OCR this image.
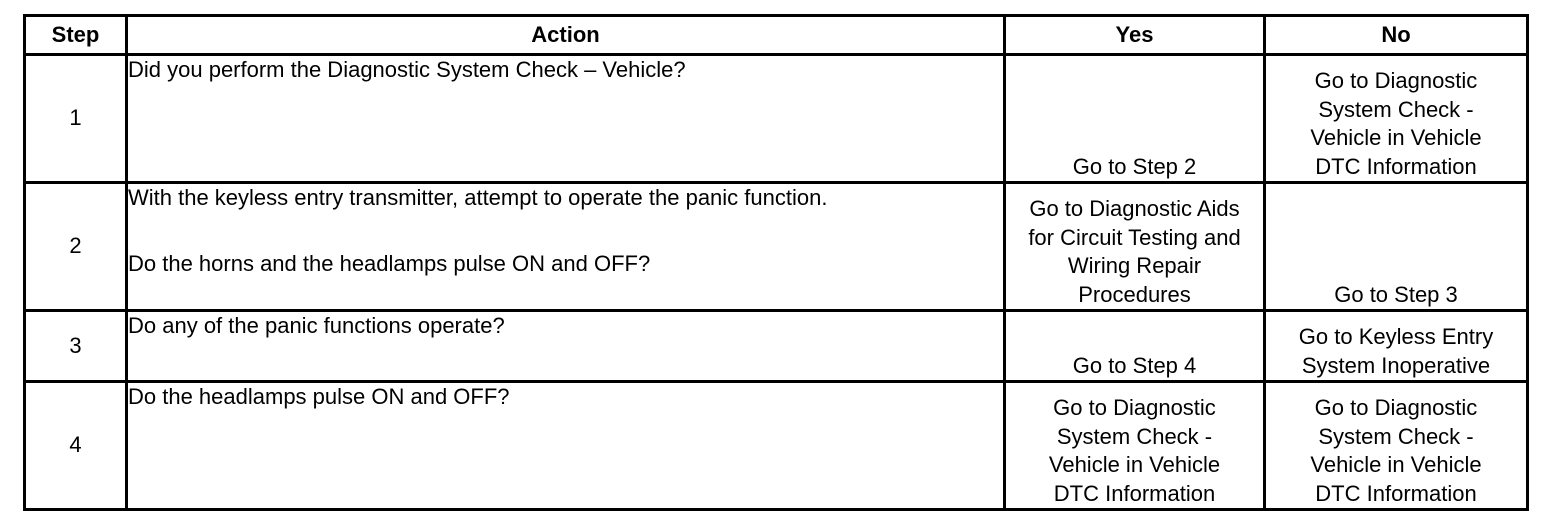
Step	Action	Yes	No
1	Did you perform the Diagnostic System Check – Vehicle?	Go to Step 2	Go to Diagnostic
System Check -
Vehicle in Vehicle
DTC Information

2	With the keyless entry transmitter, attempt to operate the panic function.
Do the horns and the headlamps pulse ON and OFF?	Go to Diagnostic Aids
for Circuit Testing and
Wiring Repair
Procedures	Go to Step 3

3	Do any of the panic functions operate?	Go to Step 4	Go to Keyless Entry
System Inoperative

4	Do the headlamps pulse ON and OFF?	Go to Diagnostic
System Check -
Vehicle in Vehicle
DTC Information	Go to Diagnostic
System Check -
Vehicle in Vehicle
DTC Information
